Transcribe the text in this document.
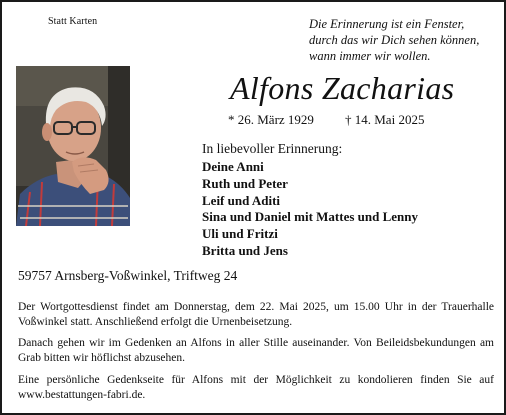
Statt Karten	Die Erinnerung ist ein Fenster,
durch das wir Dich sehen können,
wann immer wir wollen.
Alfons Zacharias
* 26. März 1929 † 14. Mai 2025
In liebevoller Erinnerung:
Deine Anni
Ruth und Peter
Leif und Aditi
Sina und Daniel mit Mattes und Lenny
Uli und Fritzi
Britta und Jens
59757 Arnsberg-Voßwinkel, Triftweg 24
Der Wortgottesdienst findet am Donnerstag, dem 22. Mai 2025, um 15.00 Uhr in der Trauerhalle Voßwinkel statt. Anschließend erfolgt die Urnenbeisetzung.
Danach gehen wir im Gedenken an Alfons in aller Stille auseinander. Von Beileidsbekundungen am Grab bitten wir höflichst abzusehen.
Eine persönliche Gedenkseite für Alfons mit der Möglichkeit zu kondolieren finden Sie auf www.bestattungen-fabri.de.
